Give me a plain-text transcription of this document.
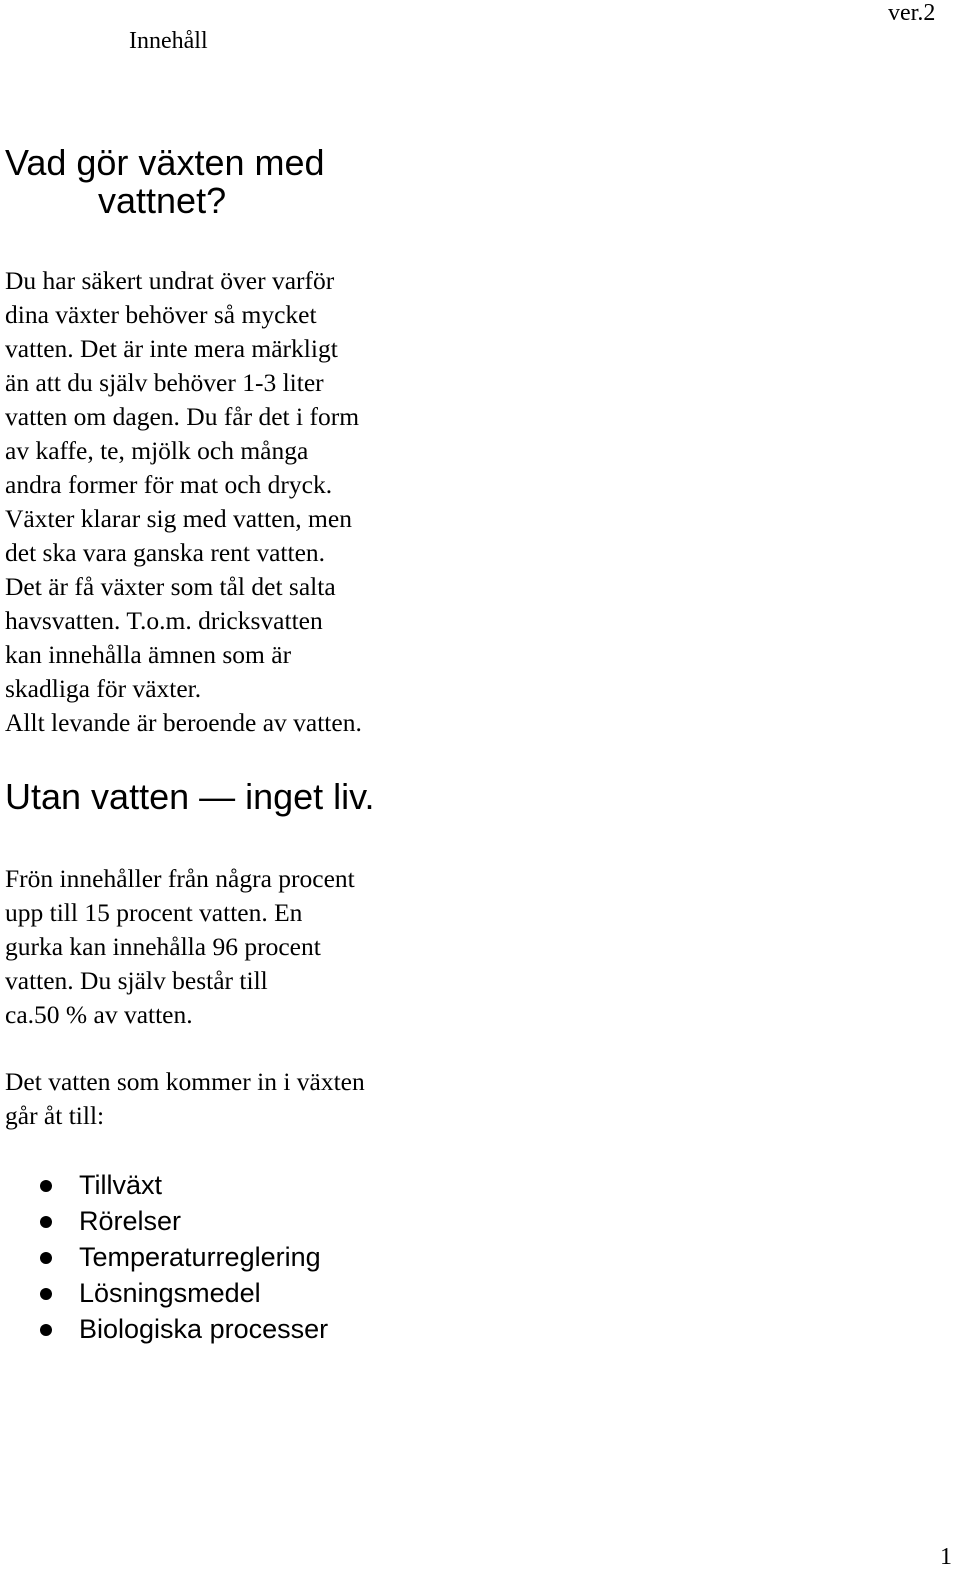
Innehåll
ver.2
Vad gör växten med
vattnet?

Du har säkert undrat över varför
dina växter behöver så mycket
vatten. Det är inte mera märkligt
än att du själv behöver 1-3 liter
vatten om dagen. Du får det i form
av kaffe, te, mjölk och många
andra former för mat och dryck.
Växter klarar sig med vatten, men
det ska vara ganska rent vatten.
Det är få växter som tål det salta
havsvatten. T.o.m. dricksvatten
kan innehålla ämnen som är
skadliga för växter.
Allt levande är beroende av vatten.

Utan vatten — inget liv.

Frön innehåller från några procent
upp till 15 procent vatten. En
gurka kan innehålla 96 procent
vatten. Du själv består till
ca.50 % av vatten.

Det vatten som kommer in i växten
går åt till:

Tillväxt
Rörelser
Temperaturreglering
Lösningsmedel
Biologiska processer
1
